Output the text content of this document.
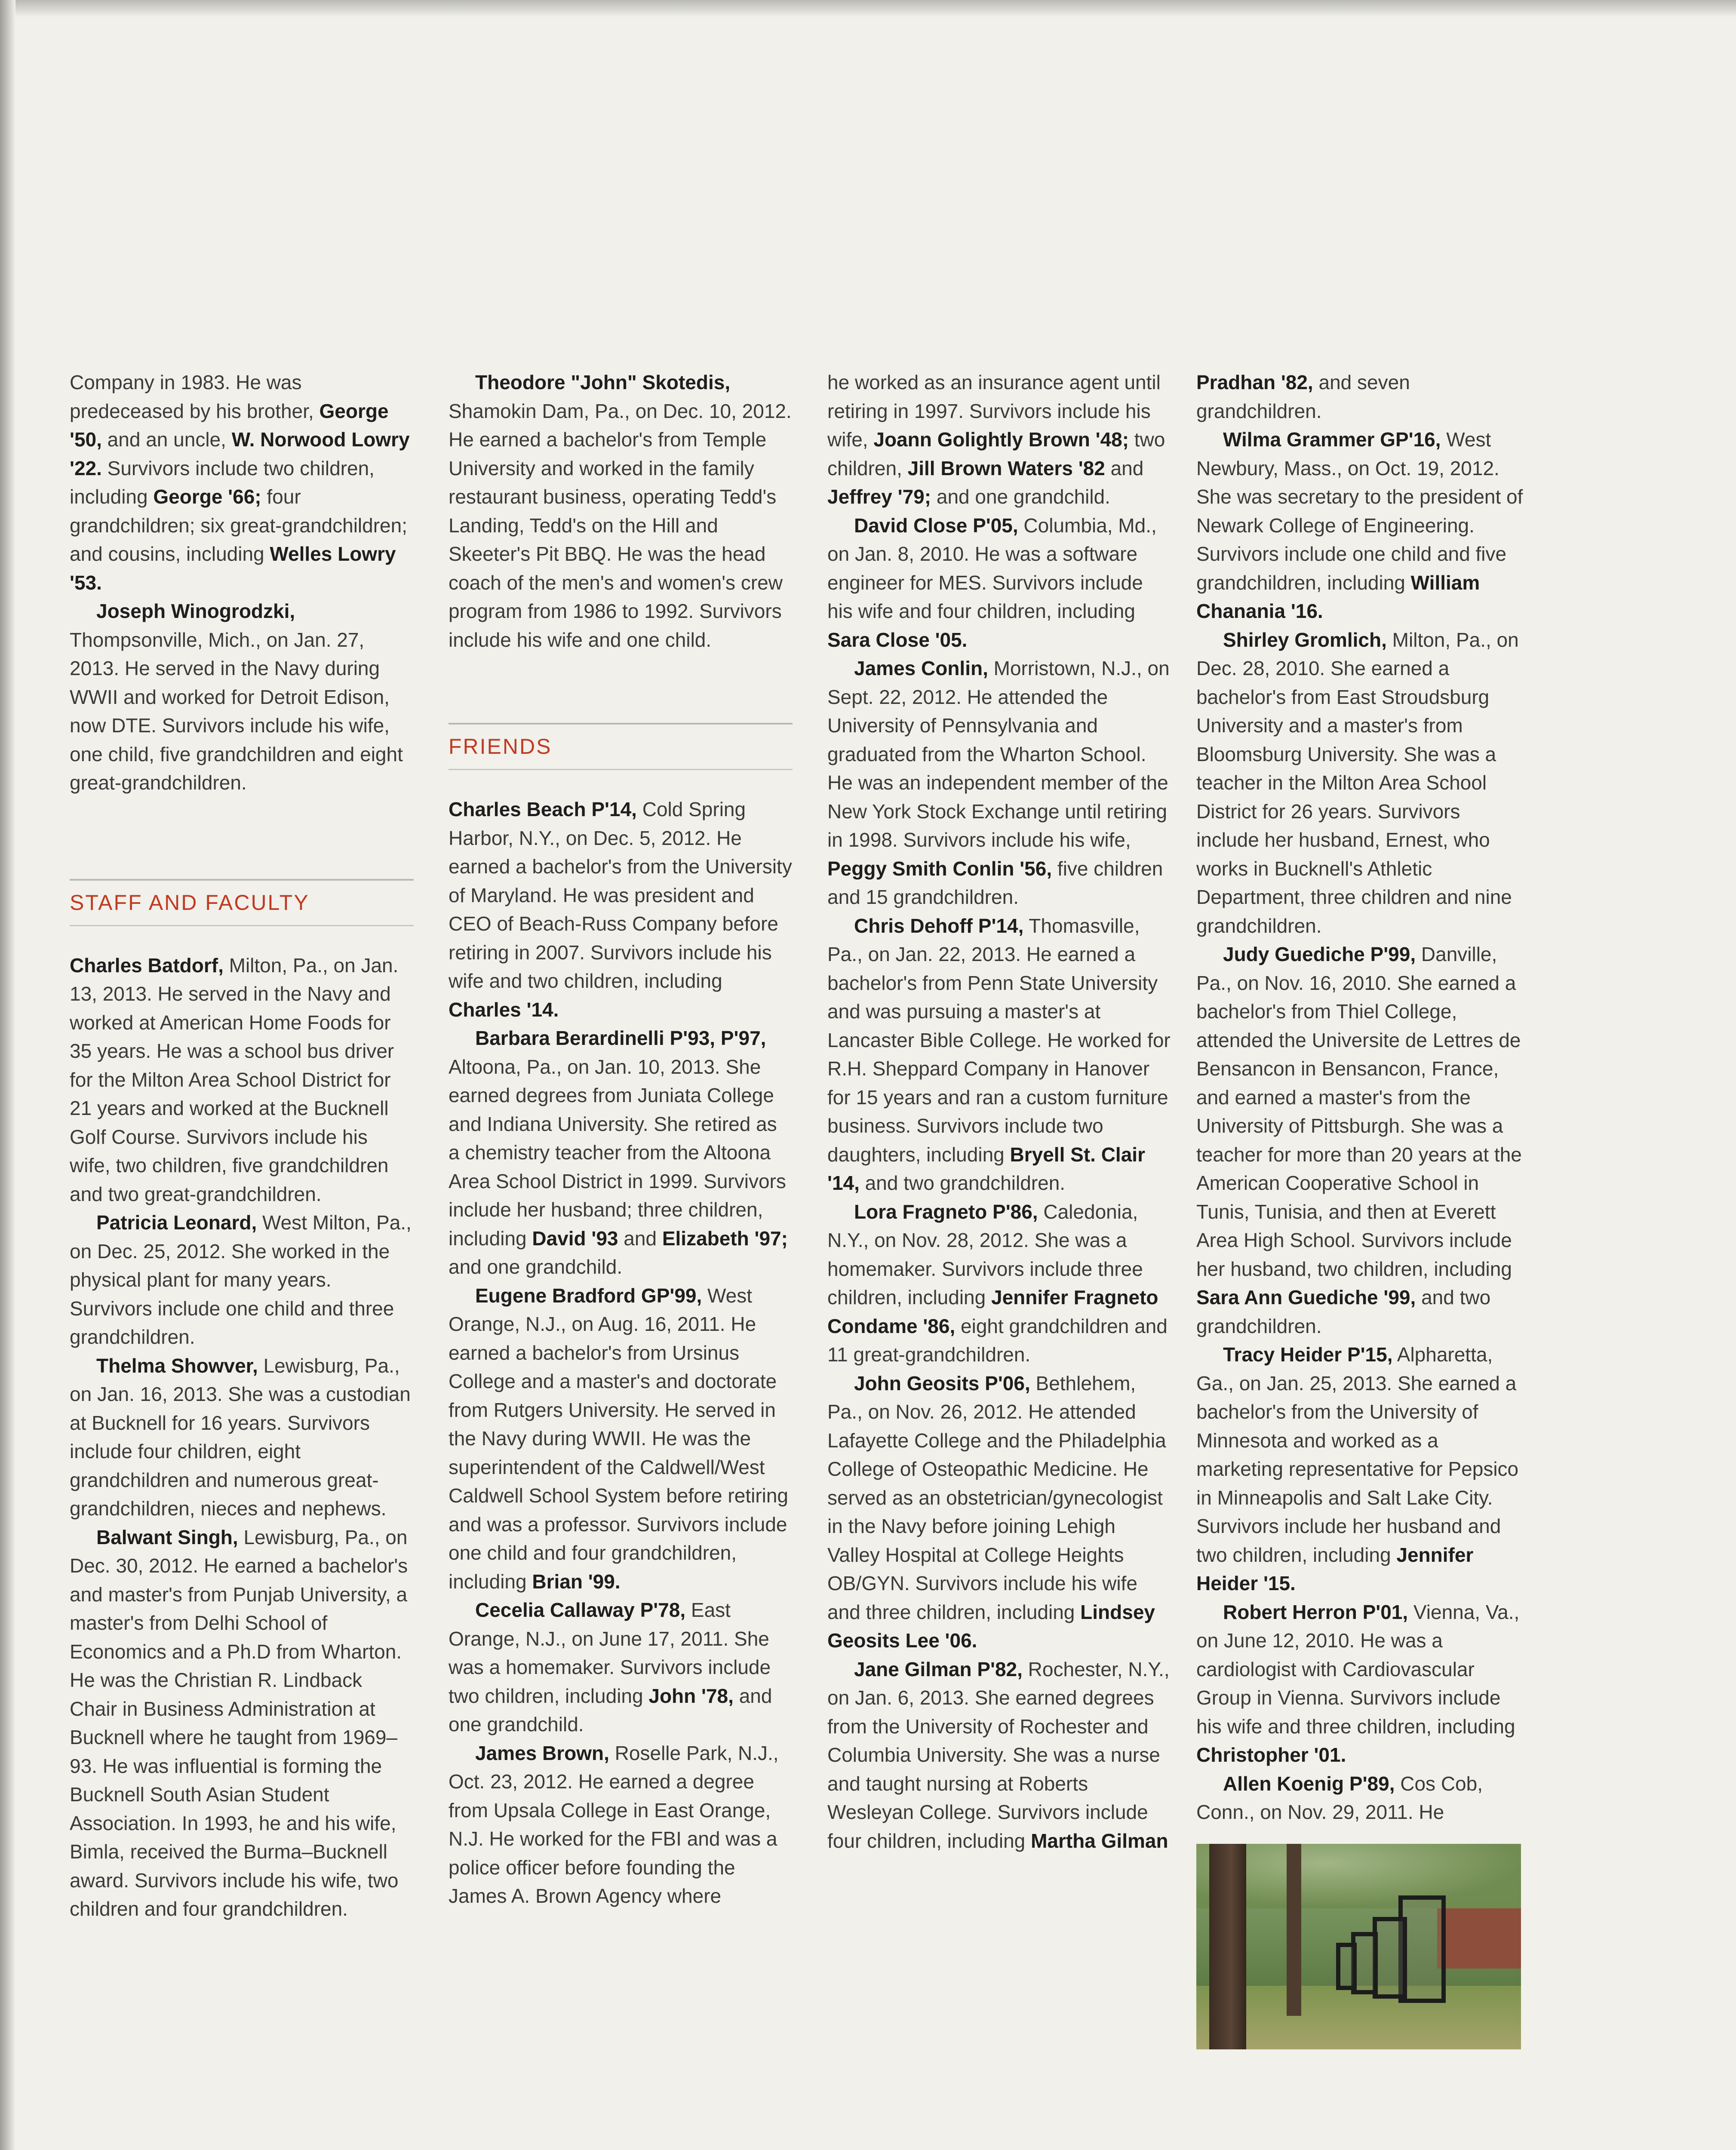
Company in 1983. He was predeceased by his brother, George '50, and an uncle, W. Norwood Lowry '22. Survivors include two children, including George '66; four grandchildren; six great-grandchildren; and cousins, including Welles Lowry '53.

Joseph Winogrodzki, Thompsonville, Mich., on Jan. 27, 2013. He served in the Navy during WWII and worked for Detroit Edison, now DTE. Survivors include his wife, one child, five grandchildren and eight great-grandchildren.

STAFF AND FACULTY

Charles Batdorf, Milton, Pa., on Jan. 13, 2013. He served in the Navy and worked at American Home Foods for 35 years. He was a school bus driver for the Milton Area School District for 21 years and worked at the Bucknell Golf Course. Survivors include his wife, two children, five grandchildren and two great-grandchildren.

Patricia Leonard, West Milton, Pa., on Dec. 25, 2012. She worked in the physical plant for many years. Survivors include one child and three grandchildren.

Thelma Showver, Lewisburg, Pa., on Jan. 16, 2013. She was a custodian at Bucknell for 16 years. Survivors include four children, eight grandchildren and numerous great-grandchildren, nieces and nephews.

Balwant Singh, Lewisburg, Pa., on Dec. 30, 2012. He earned a bachelor's and master's from Punjab University, a master's from Delhi School of Economics and a Ph.D from Wharton. He was the Christian R. Lindback Chair in Business Administration at Bucknell where he taught from 1969–93. He was influential is forming the Bucknell South Asian Student Association. In 1993, he and his wife, Bimla, received the Burma–Bucknell award. Survivors include his wife, two children and four grandchildren.

Theodore "John" Skotedis, Shamokin Dam, Pa., on Dec. 10, 2012. He earned a bachelor's from Temple University and worked in the family restaurant business, operating Tedd's Landing, Tedd's on the Hill and Skeeter's Pit BBQ. He was the head coach of the men's and women's crew program from 1986 to 1992. Survivors include his wife and one child.

FRIENDS

Charles Beach P'14, Cold Spring Harbor, N.Y., on Dec. 5, 2012. He earned a bachelor's from the University of Maryland. He was president and CEO of Beach-Russ Company before retiring in 2007. Survivors include his wife and two children, including Charles '14.

Barbara Berardinelli P'93, P'97, Altoona, Pa., on Jan. 10, 2013. She earned degrees from Juniata College and Indiana University. She retired as a chemistry teacher from the Altoona Area School District in 1999. Survivors include her husband; three children, including David '93 and Elizabeth '97; and one grandchild.

Eugene Bradford GP'99, West Orange, N.J., on Aug. 16, 2011. He earned a bachelor's from Ursinus College and a master's and doctorate from Rutgers University. He served in the Navy during WWII. He was the superintendent of the Caldwell/West Caldwell School System before retiring and was a professor. Survivors include one child and four grandchildren, including Brian '99.

Cecelia Callaway P'78, East Orange, N.J., on June 17, 2011. She was a homemaker. Survivors include two children, including John '78, and one grandchild.

James Brown, Roselle Park, N.J., Oct. 23, 2012. He earned a degree from Upsala College in East Orange, N.J. He worked for the FBI and was a police officer before founding the James A. Brown Agency where

he worked as an insurance agent until retiring in 1997. Survivors include his wife, Joann Golightly Brown '48; two children, Jill Brown Waters '82 and Jeffrey '79; and one grandchild.

David Close P'05, Columbia, Md., on Jan. 8, 2010. He was a software engineer for MES. Survivors include his wife and four children, including Sara Close '05.

James Conlin, Morristown, N.J., on Sept. 22, 2012. He attended the University of Pennsylvania and graduated from the Wharton School. He was an independent member of the New York Stock Exchange until retiring in 1998. Survivors include his wife, Peggy Smith Conlin '56, five children and 15 grandchildren.

Chris Dehoff P'14, Thomasville, Pa., on Jan. 22, 2013. He earned a bachelor's from Penn State University and was pursuing a master's at Lancaster Bible College. He worked for R.H. Sheppard Company in Hanover for 15 years and ran a custom furniture business. Survivors include two daughters, including Bryell St. Clair '14, and two grandchildren.

Lora Fragneto P'86, Caledonia, N.Y., on Nov. 28, 2012. She was a homemaker. Survivors include three children, including Jennifer Fragneto Condame '86, eight grandchildren and 11 great-grandchildren.

John Geosits P'06, Bethlehem, Pa., on Nov. 26, 2012. He attended Lafayette College and the Philadelphia College of Osteopathic Medicine. He served as an obstetrician/gynecologist in the Navy before joining Lehigh Valley Hospital at College Heights OB/GYN. Survivors include his wife and three children, including Lindsey Geosits Lee '06.

Jane Gilman P'82, Rochester, N.Y., on Jan. 6, 2013. She earned degrees from the University of Rochester and Columbia University. She was a nurse and taught nursing at Roberts Wesleyan College. Survivors include four children, including Martha Gilman

Pradhan '82, and seven grandchildren.

Wilma Grammer GP'16, West Newbury, Mass., on Oct. 19, 2012. She was secretary to the president of Newark College of Engineering. Survivors include one child and five grandchildren, including William Chanania '16.

Shirley Gromlich, Milton, Pa., on Dec. 28, 2010. She earned a bachelor's from East Stroudsburg University and a master's from Bloomsburg University. She was a teacher in the Milton Area School District for 26 years. Survivors include her husband, Ernest, who works in Bucknell's Athletic Department, three children and nine grandchildren.

Judy Guediche P'99, Danville, Pa., on Nov. 16, 2010. She earned a bachelor's from Thiel College, attended the Universite de Lettres de Bensancon in Bensancon, France, and earned a master's from the University of Pittsburgh. She was a teacher for more than 20 years at the American Cooperative School in Tunis, Tunisia, and then at Everett Area High School. Survivors include her husband, two children, including Sara Ann Guediche '99, and two grandchildren.

Tracy Heider P'15, Alpharetta, Ga., on Jan. 25, 2013. She earned a bachelor's from the University of Minnesota and worked as a marketing representative for Pepsico in Minneapolis and Salt Lake City. Survivors include her husband and two children, including Jennifer Heider '15.

Robert Herron P'01, Vienna, Va., on June 12, 2010. He was a cardiologist with Cardiovascular Group in Vienna. Survivors include his wife and three children, including Christopher '01.

Allen Koenig P'89, Cos Cob, Conn., on Nov. 29, 2011. He
